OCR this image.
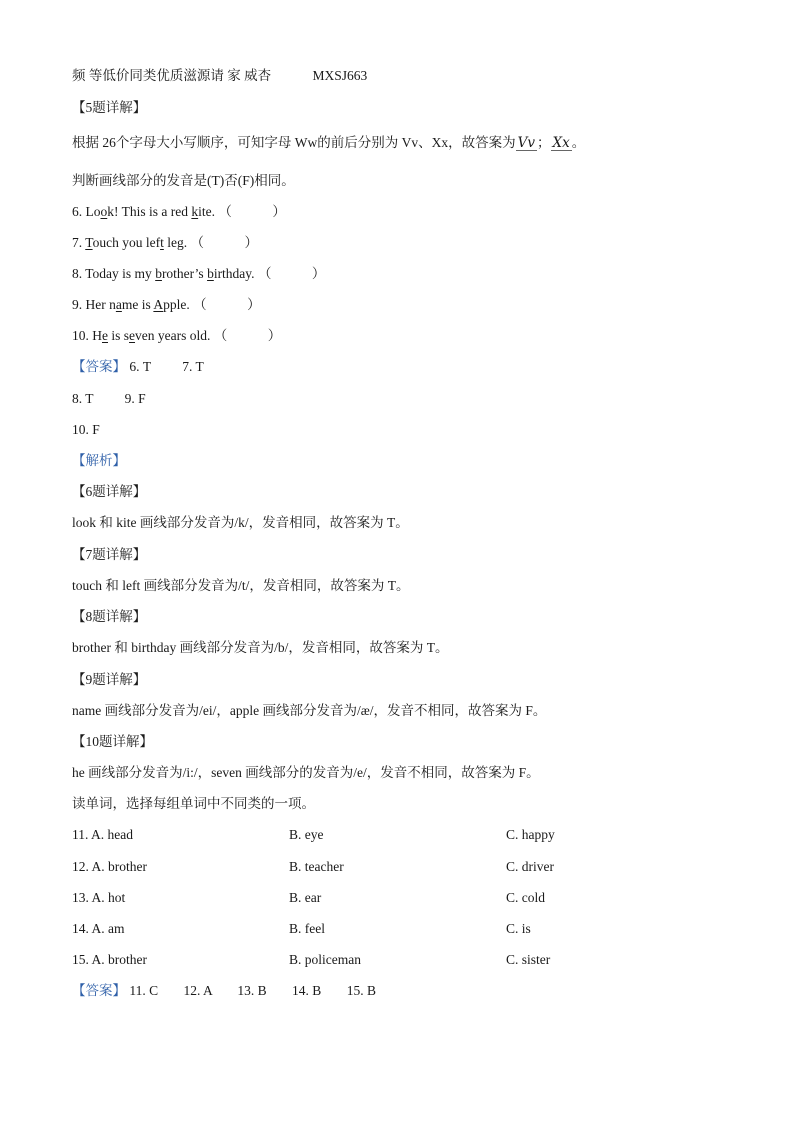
频 等低价同类优质滋源请 家 威杏	MXSJ663
【5题详解】
根据 26个字母大小写顺序，可知字母 Ww的前后分别为 Vv、Xx，故答案为 Vv ； Xx 。
判断画线部分的发音是(T)否(F)相同。
6. Look! This is a red kite. （　　　）
7. Touch you left leg. （　　　）
8. Today is my brother’s birthday. （　　　）
9. Her name is Apple. （　　　）
10. He is seven years old. （　　　）
【答案】 6. T 7. T
8. T 9. F
10. F
【解析】
【6题详解】
look 和 kite 画线部分发音为/k/，发音相同，故答案为 T。
【7题详解】
touch 和 left 画线部分发音为/t/，发音相同，故答案为 T。
【8题详解】
brother 和 birthday 画线部分发音为/b/，发音相同，故答案为 T。
【9题详解】
name 画线部分发音为/ei/，apple 画线部分发音为/æ/，发音不相同，故答案为 F。
【10题详解】
he 画线部分发音为/i:/，seven 画线部分的发音为/e/，发音不相同，故答案为 F。
读单词，选择每组单词中不同类的一项。
11. A. head	B. eye	C. happy
12. A. brother	B. teacher	C. driver
13. A. hot	B. ear	C. cold
14. A. am	B. feel	C. is
15. A. brother	B. policeman	C. sister
【答案】 11. C 12. A 13. B 14. B 15. B
